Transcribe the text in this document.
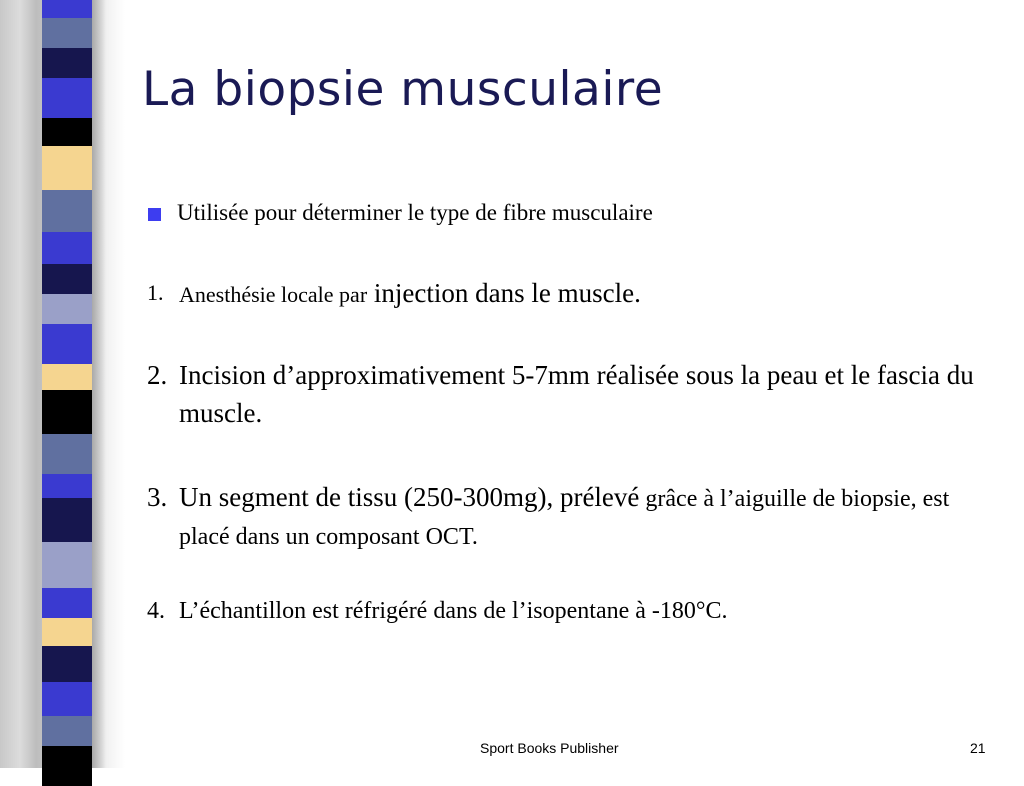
La biopsie musculaire
Utilisée pour déterminer le type de fibre musculaire
1. Anesthésie locale par injection dans le muscle.
2. Incision d’approximativement 5-7mm réalisée sous la peau et le fascia du muscle.
3. Un segment de tissu (250-300mg), prélevé grâce à l’aiguille de biopsie, est placé dans un composant OCT.
4. L’échantillon est réfrigéré dans de l’isopentane à -180°C.
Sport Books Publisher	21
